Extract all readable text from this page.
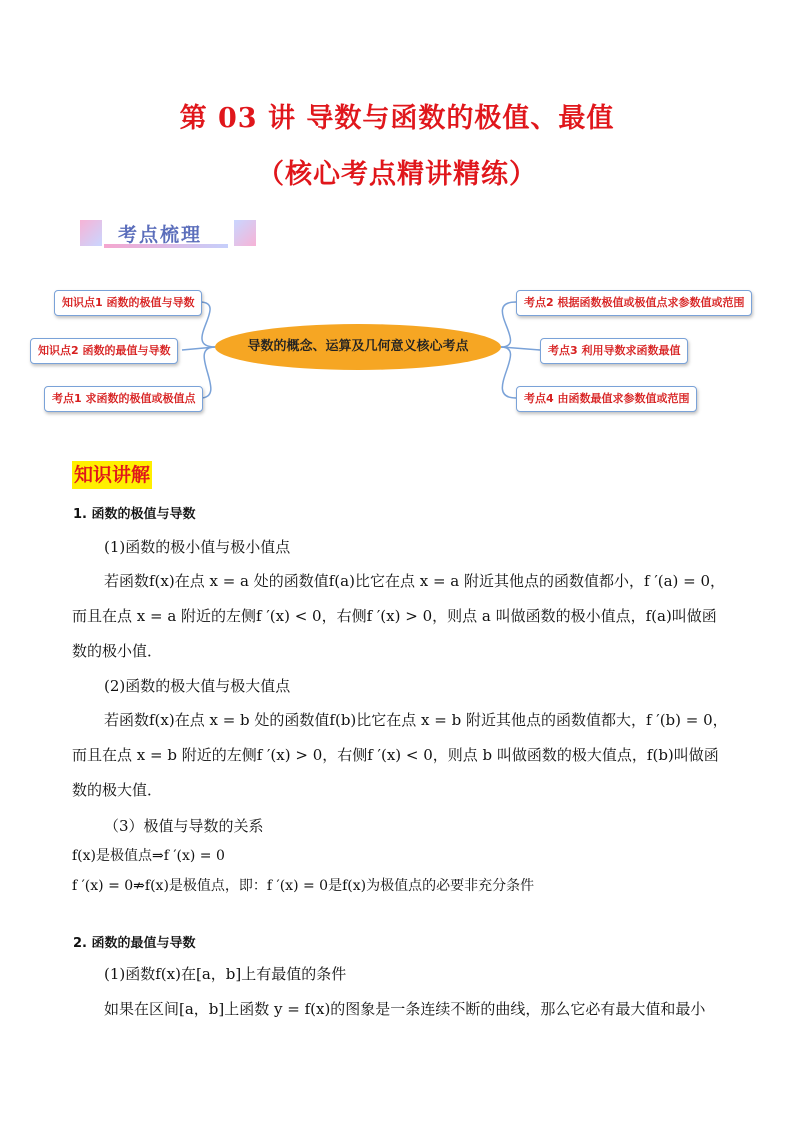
第 03 讲 导数与函数的极值、最值
（核心考点精讲精练）
考点梳理
知识点1 函数的极值与导数
知识点2 函数的最值与导数
考点1 求函数的极值或极值点
导数的概念、运算及几何意义核心考点
考点2 根据函数极值或极值点求参数值或范围
考点3 利用导数求函数最值
考点4 由函数最值求参数值或范围
知识讲解
1. 函数的极值与导数
(1)函数的极小值与极小值点
若函数f(x)在点 x = a 处的函数值f(a)比它在点 x = a 附近其他点的函数值都小，f ′(a) = 0，
而且在点 x = a 附近的左侧f ′(x) < 0，右侧f ′(x) > 0，则点 a 叫做函数的极小值点，f(a)叫做函
数的极小值．
(2)函数的极大值与极大值点
若函数f(x)在点 x = b 处的函数值f(b)比它在点 x = b 附近其他点的函数值都大，f ′(b) = 0，
而且在点 x = b 附近的左侧f ′(x) > 0，右侧f ′(x) < 0，则点 b 叫做函数的极大值点，f(b)叫做函
数的极大值．
（3）极值与导数的关系
f(x)是极值点⇒f ′(x) = 0
f ′(x) = 0⇏f(x)是极值点，即：f ′(x) = 0是f(x)为极值点的必要非充分条件
2. 函数的最值与导数
(1)函数f(x)在[a，b]上有最值的条件
如果在区间[a，b]上函数 y = f(x)的图象是一条连续不断的曲线，那么它必有最大值和最小
